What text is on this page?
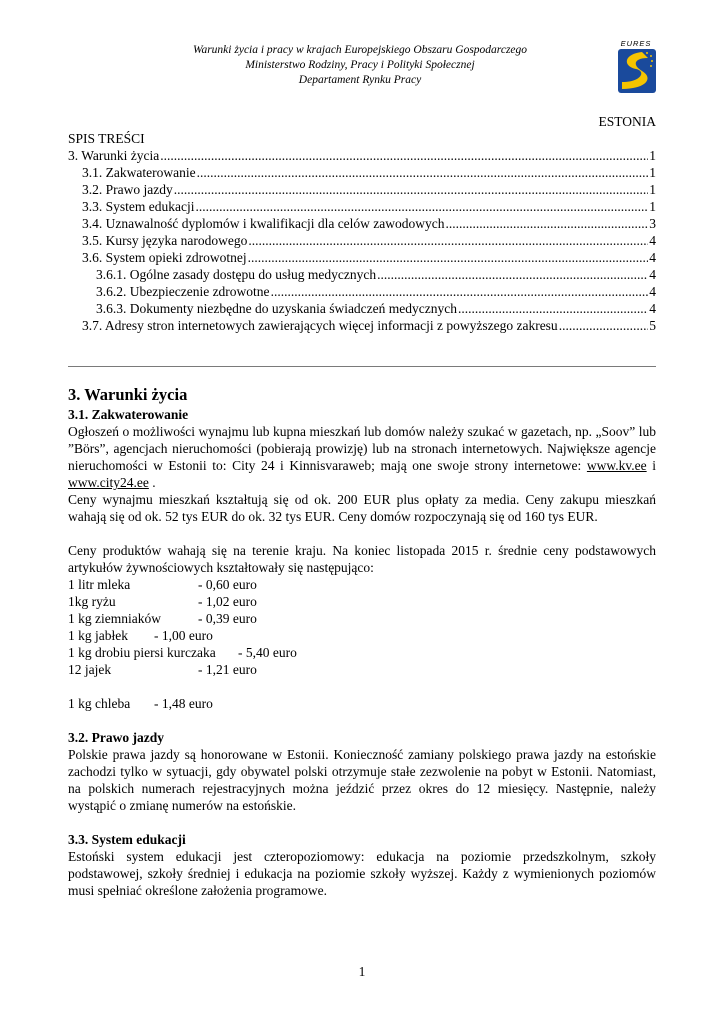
Warunki życia i pracy w krajach Europejskiego Obszaru Gospodarczego
Ministerstwo Rodziny, Pracy i Polityki Społecznej
Departament Rynku Pracy
EURES
ESTONIA
SPIS TREŚCI
3. Warunki życia .....	1
3.1. Zakwaterowanie .....	1
3.2. Prawo jazdy .....	1
3.3. System edukacji .....	1
3.4. Uznawalność dyplomów i kwalifikacji dla celów zawodowych .....	3
3.5. Kursy języka narodowego .....	4
3.6. System opieki zdrowotnej .....	4
3.6.1. Ogólne zasady dostępu do usług medycznych .....	4
3.6.2. Ubezpieczenie zdrowotne .....	4
3.6.3. Dokumenty niezbędne do uzyskania świadczeń medycznych .....	4
3.7. Adresy stron internetowych zawierających więcej informacji z powyższego zakresu .....	5
3. Warunki życia
3.1. Zakwaterowanie

Ogłoszeń o możliwości wynajmu lub kupna mieszkań lub domów należy szukać w gazetach, np. „Soov” lub ”Börs”, agencjach nieruchomości (pobierają prowizję) lub na stronach internetowych. Największe agencje nieruchomości w Estonii to: City 24 i Kinnisvaraweb; mają one swoje strony internetowe: www.kv.ee i www.city24.ee .

Ceny wynajmu mieszkań kształtują się od ok. 200 EUR plus opłaty za media. Ceny zakupu mieszkań wahają się od ok. 52 tys EUR do ok. 32 tys EUR. Ceny domów rozpoczynają się od 160 tys EUR.

Ceny produktów wahają się na terenie kraju. Na koniec listopada 2015 r. średnie ceny podstawowych artykułów żywnościowych kształtowały się następująco:

1 litr mleka	- 0,60 euro
1kg ryżu	- 1,02 euro
1 kg ziemniaków	- 0,39 euro
1 kg jabłek	- 1,00 euro
1 kg drobiu piersi kurczaka	- 5,40 euro
12 jajek	- 1,21 euro
1 kg chleba	- 1,48 euro
3.2. Prawo jazdy

Polskie prawa jazdy są honorowane w Estonii. Konieczność zamiany polskiego prawa jazdy na estońskie zachodzi tylko w sytuacji, gdy obywatel polski otrzymuje stałe zezwolenie na pobyt w Estonii. Natomiast, na polskich numerach rejestracyjnych można jeździć przez okres do 12 miesięcy. Następnie, należy wystąpić o zmianę numerów na estońskie.

3.3. System edukacji

Estoński system edukacji jest czteropoziomowy: edukacja na poziomie przedszkolnym, szkoły podstawowej, szkoły średniej i edukacja na poziomie szkoły wyższej. Każdy z wymienionych poziomów musi spełniać określone założenia programowe.

1
